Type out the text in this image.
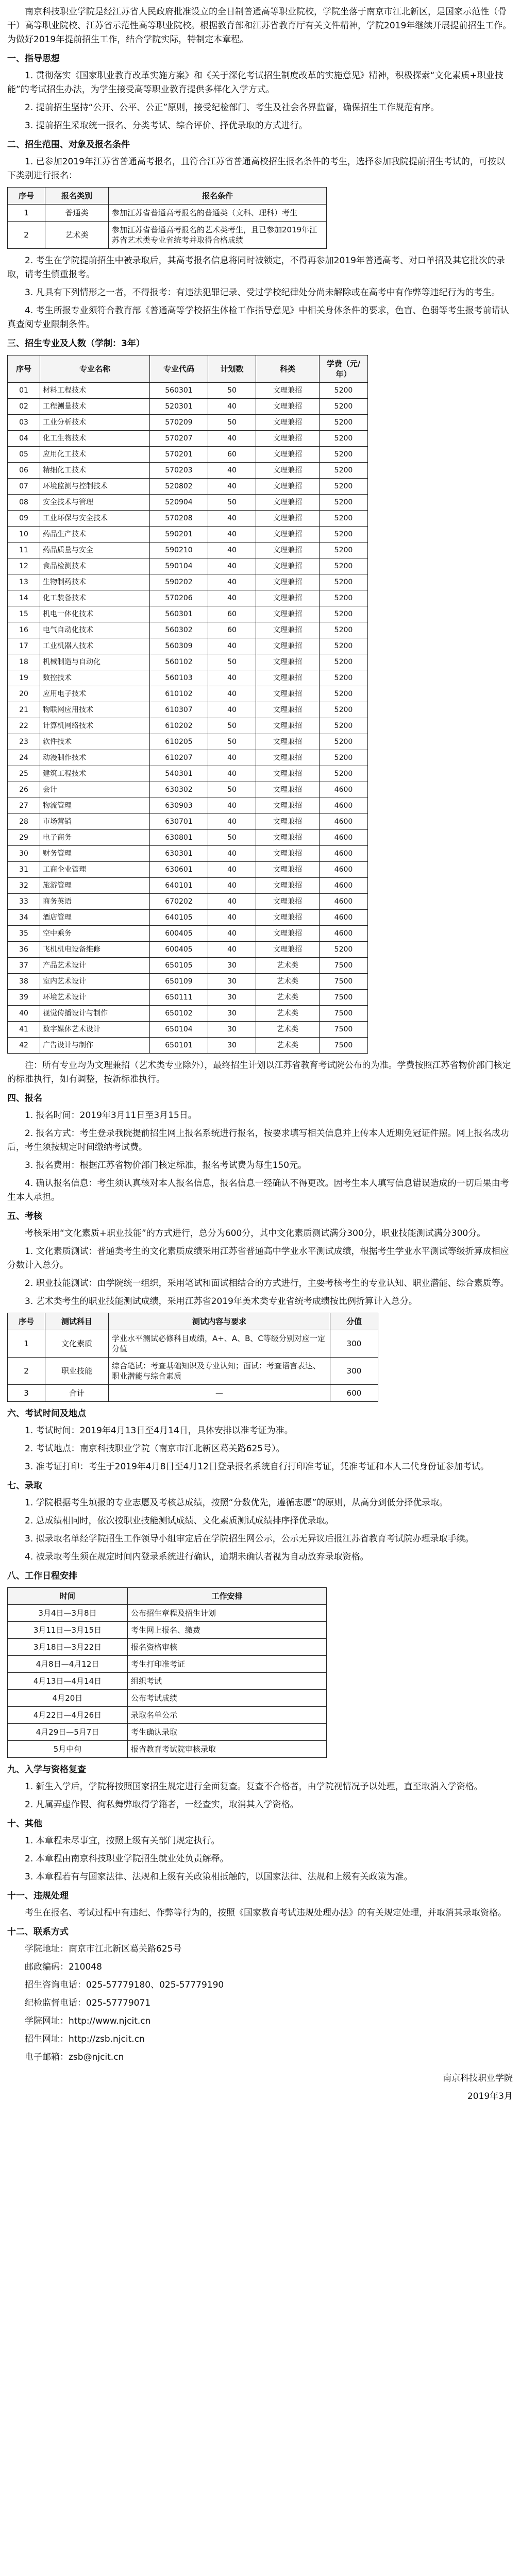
南京科技职业学院是经江苏省人民政府批准设立的全日制普通高等职业院校，学院坐落于南京市江北新区，是国家示范性（骨干）高等职业院校、江苏省示范性高等职业院校。根据教育部和江苏省教育厅有关文件精神，学院2019年继续开展提前招生工作。为做好2019年提前招生工作，结合学院实际，特制定本章程。

一、指导思想

1. 贯彻落实《国家职业教育改革实施方案》和《关于深化考试招生制度改革的实施意见》精神，积极探索“文化素质+职业技能”的考试招生办法，为学生接受高等职业教育提供多样化入学方式。

2. 提前招生坚持“公开、公平、公正”原则，接受纪检部门、考生及社会各界监督，确保招生工作规范有序。

3. 提前招生采取统一报名、分类考试、综合评价、择优录取的方式进行。

二、招生范围、对象及报名条件

1. 已参加2019年江苏省普通高考报名，且符合江苏省普通高校招生报名条件的考生，选择参加我院提前招生考试的，可按以下类别进行报名：

序号	报名类别	报名条件
1	普通类	参加江苏省普通高考报名的普通类（文科、理科）考生
2	艺术类	参加江苏省普通高考报名的艺术类考生，且已参加2019年江苏省艺术类专业省统考并取得合格成绩

2. 考生在学院提前招生中被录取后，其高考报名信息将同时被锁定，不得再参加2019年普通高考、对口单招及其它批次的录取，请考生慎重报考。

3. 凡具有下列情形之一者，不得报考：有违法犯罪记录、受过学校纪律处分尚未解除或在高考中有作弊等违纪行为的考生。

4. 考生所报专业须符合教育部《普通高等学校招生体检工作指导意见》中相关身体条件的要求，色盲、色弱等考生报考前请认真查阅专业限制条件。

三、招生专业及人数（学制：3年）

序号	专业名称	专业代码	计划数	科类	学费（元/年）
01	材料工程技术	560301	50	文理兼招	5200
02	工程测量技术	520301	40	文理兼招	5200
03	工业分析技术	570209	50	文理兼招	5200
04	化工生物技术	570207	40	文理兼招	5200
05	应用化工技术	570201	60	文理兼招	5200
06	精细化工技术	570203	40	文理兼招	5200
07	环境监测与控制技术	520802	40	文理兼招	5200
08	安全技术与管理	520904	50	文理兼招	5200
09	工业环保与安全技术	570208	40	文理兼招	5200
10	药品生产技术	590201	40	文理兼招	5200
11	药品质量与安全	590210	40	文理兼招	5200
12	食品检测技术	590104	40	文理兼招	5200
13	生物制药技术	590202	40	文理兼招	5200
14	化工装备技术	570206	40	文理兼招	5200
15	机电一体化技术	560301	60	文理兼招	5200
16	电气自动化技术	560302	60	文理兼招	5200
17	工业机器人技术	560309	40	文理兼招	5200
18	机械制造与自动化	560102	50	文理兼招	5200
19	数控技术	560103	40	文理兼招	5200
20	应用电子技术	610102	40	文理兼招	5200
21	物联网应用技术	610307	40	文理兼招	5200
22	计算机网络技术	610202	50	文理兼招	5200
23	软件技术	610205	50	文理兼招	5200
24	动漫制作技术	610207	40	文理兼招	5200
25	建筑工程技术	540301	40	文理兼招	5200
26	会计	630302	50	文理兼招	4600
27	物流管理	630903	40	文理兼招	4600
28	市场营销	630701	40	文理兼招	4600
29	电子商务	630801	50	文理兼招	4600
30	财务管理	630301	40	文理兼招	4600
31	工商企业管理	630601	40	文理兼招	4600
32	旅游管理	640101	40	文理兼招	4600
33	商务英语	670202	40	文理兼招	4600
34	酒店管理	640105	40	文理兼招	4600
35	空中乘务	600405	40	文理兼招	4600
36	飞机机电设备维修	600405	40	文理兼招	5200
37	产品艺术设计	650105	30	艺术类	7500
38	室内艺术设计	650109	30	艺术类	7500
39	环境艺术设计	650111	30	艺术类	7500
40	视觉传播设计与制作	650102	30	艺术类	7500
41	数字媒体艺术设计	650104	30	艺术类	7500
42	广告设计与制作	650101	30	艺术类	7500

注：所有专业均为文理兼招（艺术类专业除外），最终招生计划以江苏省教育考试院公布的为准。学费按照江苏省物价部门核定的标准执行，如有调整，按新标准执行。

四、报名

1. 报名时间：2019年3月11日至3月15日。

2. 报名方式：考生登录我院提前招生网上报名系统进行报名，按要求填写相关信息并上传本人近期免冠证件照。网上报名成功后，考生须按规定时间缴纳考试费。

3. 报名费用：根据江苏省物价部门核定标准，报名考试费为每生150元。

4. 确认报名信息：考生须认真核对本人报名信息，报名信息一经确认不得更改。因考生本人填写信息错误造成的一切后果由考生本人承担。

五、考核

考核采用“文化素质+职业技能”的方式进行，总分为600分，其中文化素质测试满分300分，职业技能测试满分300分。

1. 文化素质测试：普通类考生的文化素质成绩采用江苏省普通高中学业水平测试成绩，根据考生学业水平测试等级折算成相应分数计入总分。

2. 职业技能测试：由学院统一组织，采用笔试和面试相结合的方式进行，主要考核考生的专业认知、职业潜能、综合素质等。

3. 艺术类考生的职业技能测试成绩，采用江苏省2019年美术类专业省统考成绩按比例折算计入总分。

序号	测试科目	测试内容与要求	分值
1	文化素质	学业水平测试必修科目成绩，A+、A、B、C等级分别对应一定分值	300
2	职业技能	综合笔试：考查基础知识及专业认知；面试：考查语言表达、职业潜能与综合素质	300
3	合计	—	600

六、考试时间及地点

1. 考试时间：2019年4月13日至4月14日，具体安排以准考证为准。

2. 考试地点：南京科技职业学院（南京市江北新区葛关路625号）。

3. 准考证打印：考生于2019年4月8日至4月12日登录报名系统自行打印准考证，凭准考证和本人二代身份证参加考试。

七、录取

1. 学院根据考生填报的专业志愿及考核总成绩，按照“分数优先，遵循志愿”的原则，从高分到低分择优录取。

2. 总成绩相同时，依次按职业技能测试成绩、文化素质测试成绩排序择优录取。

3. 拟录取名单经学院招生工作领导小组审定后在学院招生网公示，公示无异议后报江苏省教育考试院办理录取手续。

4. 被录取考生须在规定时间内登录系统进行确认，逾期未确认者视为自动放弃录取资格。

八、工作日程安排

时间	工作安排
3月4日—3月8日	公布招生章程及招生计划
3月11日—3月15日	考生网上报名、缴费
3月18日—3月22日	报名资格审核
4月8日—4月12日	考生打印准考证
4月13日—4月14日	组织考试
4月20日	公布考试成绩
4月22日—4月26日	录取名单公示
4月29日—5月7日	考生确认录取
5月中旬	报省教育考试院审核录取

九、入学与资格复查

1. 新生入学后，学院将按照国家招生规定进行全面复查。复查不合格者，由学院视情况予以处理，直至取消入学资格。

2. 凡属弄虚作假、徇私舞弊取得学籍者，一经查实，取消其入学资格。

十、其他

1. 本章程未尽事宜，按照上级有关部门规定执行。

2. 本章程由南京科技职业学院招生就业处负责解释。

3. 本章程若有与国家法律、法规和上级有关政策相抵触的，以国家法律、法规和上级有关政策为准。

十一、违规处理

考生在报名、考试过程中有违纪、作弊等行为的，按照《国家教育考试违规处理办法》的有关规定处理，并取消其录取资格。

十二、联系方式

学院地址：南京市江北新区葛关路625号

邮政编码：210048

招生咨询电话：025-57779180、025-57779190

纪检监督电话：025-57779071

学院网址：http://www.njcit.cn

招生网址：http://zsb.njcit.cn

电子邮箱：zsb@njcit.cn

南京科技职业学院

2019年3月
